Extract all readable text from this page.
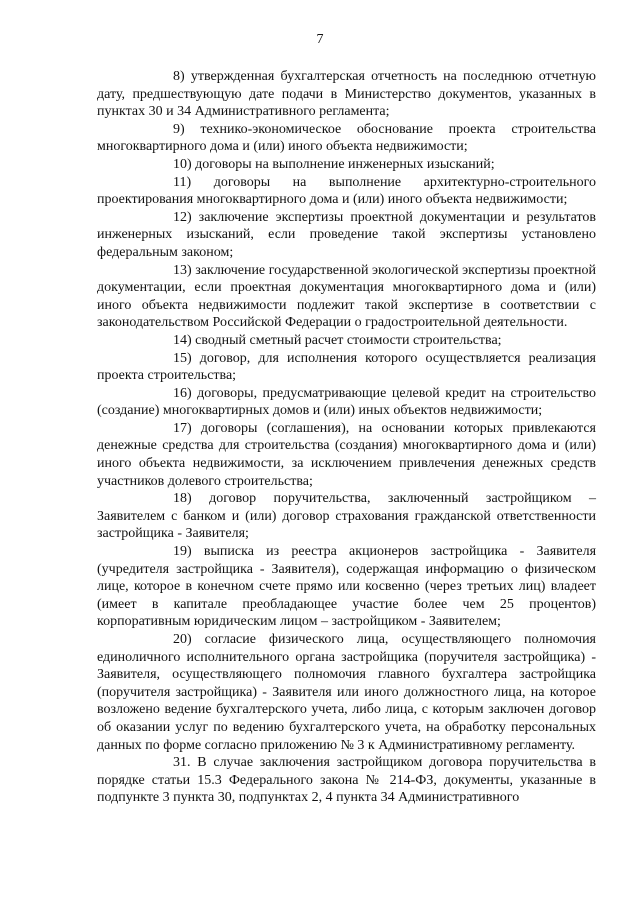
7

8) утвержденная бухгалтерская отчетность на последнюю отчетную дату, предшествующую дате подачи в Министерство документов, указанных в пунктах 30 и 34 Административного регламента;

9) технико-экономическое обоснование проекта строительства многоквартирного дома и (или) иного объекта недвижимости;

10) договоры на выполнение инженерных изысканий;

11) договоры на выполнение архитектурно-строительного проектирования многоквартирного дома и (или) иного объекта недвижимости;

12) заключение экспертизы проектной документации и результатов инженерных изысканий, если проведение такой экспертизы установлено федеральным законом;

13) заключение государственной экологической экспертизы проектной документации, если проектная документация многоквартирного дома и (или) иного объекта недвижимости подлежит такой экспертизе в соответствии с законодательством Российской Федерации о градостроительной деятельности.

14) сводный сметный расчет стоимости строительства;

15) договор, для исполнения которого осуществляется реализация проекта строительства;

16) договоры, предусматривающие целевой кредит на строительство (создание) многоквартирных домов и (или) иных объектов недвижимости;

17) договоры (соглашения), на основании которых привлекаются денежные средства для строительства (создания) многоквартирного дома и (или) иного объекта недвижимости, за исключением привлечения денежных средств участников долевого строительства;

18) договор поручительства, заключенный застройщиком – Заявителем с банком и (или) договор страхования гражданской ответственности застройщика - Заявителя;

19) выписка из реестра акционеров застройщика - Заявителя (учредителя застройщика - Заявителя), содержащая информацию о физическом лице, которое в конечном счете прямо или косвенно (через третьих лиц) владеет (имеет в капитале преобладающее участие более чем 25 процентов) корпоративным юридическим лицом – застройщиком - Заявителем;

20) согласие физического лица, осуществляющего полномочия единоличного исполнительного органа застройщика (поручителя застройщика) - Заявителя, осуществляющего полномочия главного бухгалтера застройщика (поручителя застройщика) - Заявителя или иного должностного лица, на которое возложено ведение бухгалтерского учета, либо лица, с которым заключен договор об оказании услуг по ведению бухгалтерского учета, на обработку персональных данных по форме согласно приложению № 3 к Административному регламенту.

31. В случае заключения застройщиком договора поручительства в порядке статьи 15.3 Федерального закона № 214-ФЗ, документы, указанные в подпункте 3 пункта 30, подпунктах 2, 4 пункта 34 Административного
